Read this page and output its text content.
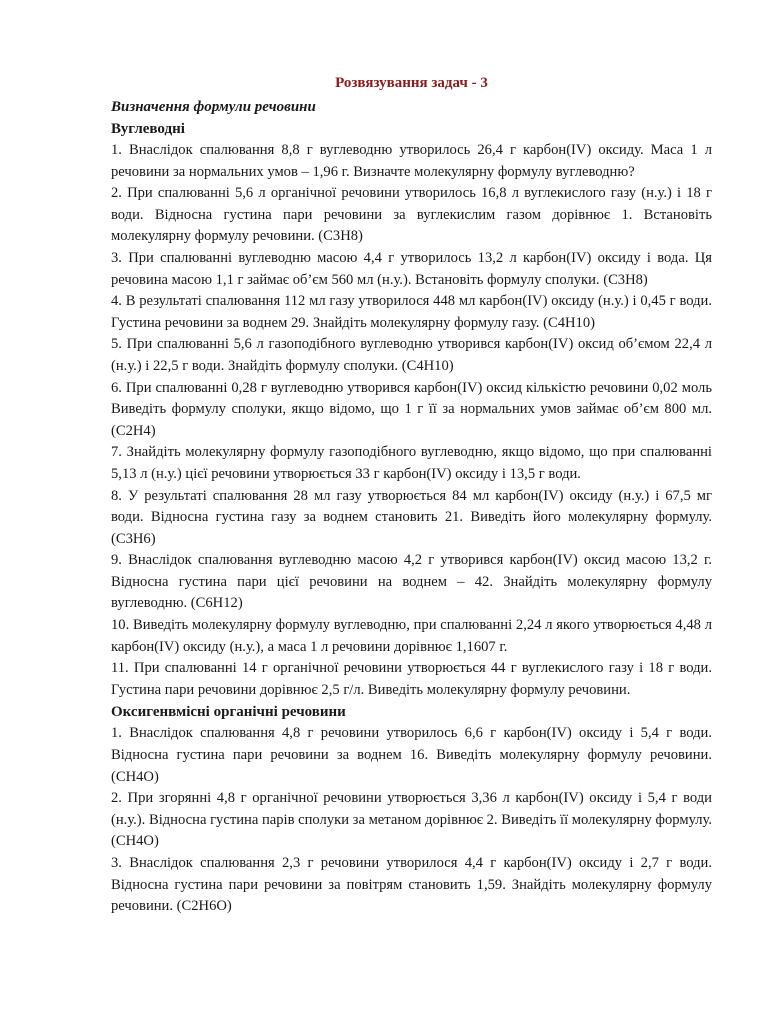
Розвязування задач - 3

Визначення формули речовини

Вуглеводні

1. Внаслідок спалювання 8,8 г вуглеводню утворилось 26,4 г карбон(IV) оксиду. Маса 1 л речовини за нормальних умов – 1,96 г. Визначте молекулярну формулу вуглеводню?

2. При спалюванні 5,6 л органічної речовини утворилось 16,8 л вуглекислого газу (н.у.) і 18 г води. Відносна густина пари речовини за вуглекислим газом дорівнює 1. Встановіть молекулярну формулу речовини. (C3H8)

3. При спалюванні вуглеводню масою 4,4 г утворилось 13,2 л карбон(IV) оксиду і вода. Ця речовина масою 1,1 г займає об’єм 560 мл (н.у.). Встановіть формулу сполуки. (C3H8)

4. В результаті спалювання 112 мл газу утворилося 448 мл карбон(IV) оксиду (н.у.) і 0,45 г води. Густина речовини за воднем 29. Знайдіть молекулярну формулу газу. (C4H10)

5. При спалюванні 5,6 л газоподібного вуглеводню утворився карбон(IV) оксид об’ємом 22,4 л (н.у.) і 22,5 г води. Знайдіть формулу сполуки. (C4H10)

6. При спалюванні 0,28 г вуглеводню утворився карбон(IV) оксид кількістю речовини 0,02 моль Виведіть формулу сполуки, якщо відомо, що 1 г її за нормальних умов займає об’єм 800 мл. (C2H4)

7. Знайдіть молекулярну формулу газоподібного вуглеводню, якщо відомо, що при спалюванні 5,13 л (н.у.) цієї речовини утворюється 33 г карбон(IV) оксиду і 13,5 г води.

8. У результаті спалювання 28 мл газу утворюється 84 мл карбон(IV) оксиду (н.у.) і 67,5 мг води. Відносна густина газу за воднем становить 21. Виведіть його молекулярну формулу. (C3H6)

9. Внаслідок спалювання вуглеводню масою 4,2 г утворився карбон(IV) оксид масою 13,2 г. Відносна густина пари цієї речовини на воднем – 42. Знайдіть молекулярну формулу вуглеводню. (C6H12)

10. Виведіть молекулярну формулу вуглеводню, при спалюванні 2,24 л якого утворюється 4,48 л карбон(IV) оксиду (н.у.), а маса 1 л речовини дорівнює 1,1607 г.

11. При спалюванні 14 г органічної речовини утворюється 44 г вуглекислого газу і 18 г води. Густина пари речовини дорівнює 2,5 г/л. Виведіть молекулярну формулу речовини.

Оксигенвмісні органічні речовини

1. Внаслідок спалювання 4,8 г речовини утворилось 6,6 г карбон(IV) оксиду і 5,4 г води. Відносна густина пари речовини за воднем 16. Виведіть молекулярну формулу речовини. (CH4O)

2. При згорянні 4,8 г органічної речовини утворюється 3,36 л карбон(IV) оксиду і 5,4 г води (н.у.). Відносна густина парів сполуки за метаном дорівнює 2. Виведіть її молекулярну формулу. (CH4O)

3. Внаслідок спалювання 2,3 г речовини утворилося 4,4 г карбон(IV) оксиду і 2,7 г води. Відносна густина пари речовини за повітрям становить 1,59. Знайдіть молекулярну формулу речовини. (C2H6O)
